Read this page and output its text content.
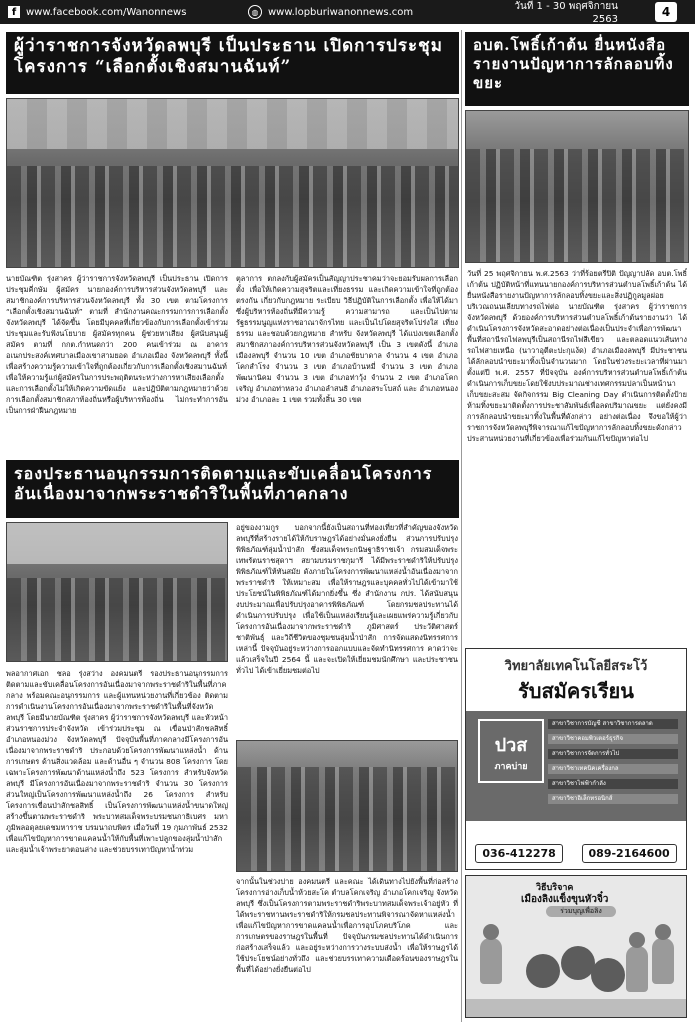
f www.facebook.com/Wanonnews	◍ www.lopburiwanonnews.com	วันที่ 1 - 30 พฤศจิกายน 2563
4
ผู้ว่าราชการจังหวัดลพบุรี เป็นประธาน เปิดการประชุม โครงการ “เลือกตั้งเชิงสมานฉันท์”
นายบัณฑิต รุ่งสาคร ผู้ว่าราชการจังหวัดลพบุรี เป็นประธาน เปิดการประชุมคี่กษัม ผู้สมัคร นายกองค์การบริหารส่วนจังหวัดลพบุรี และ สมาชิกองค์การบริหารส่วนจังหวัดลพบุรี ทั้ง 30 เขต ตามโครงการ “เลือกตั้งเชิงสมานฉันท์” ตามที่ สำนักงานคณะกรรมการการเลือกตั้งจังหวัดลพบุรี ได้จัดขึ้น โดยมีบุคคลที่เกี่ยวข้องกับการเลือกตั้งเข้าร่วมประชุมและรับฟังนโยบาย ผู้สมัครทุกคน ผู้ช่วยหาเสียง ผู้สนับสนุนผู้สมัคร ตามที่ กกต.กำหนดกว่า 200 คนเข้าร่วม ณ อาคารอเนกประสงค์เทศบาลเมืองเขาสามยอด อำเภอเมือง จังหวัดลพบุรี ทั้งนี้ เพื่อสร้างความรู้ความเข้าใจที่ถูกต้องเกี่ยวกับการเลือกตั้งเชิงสมานฉันท์ เพื่อให้ความรู้แก่ผู้สมัครในการประพฤติตนระหว่างการหาเสียงเลือกตั้งและการเลือกตั้งไม่ให้เกิดความขัดแย้ง และปฏิบัติตามกฎหมายว่าด้วยการเลือกตั้งสมาชิกสภาท้องถิ่นหรือผู้บริหารท้องถิ่น ไม่กระทำการอันเป็นการฝ่าฝืนกฎหมาย
ตุลาการ ตกลงกับผู้สมัครเป็นสัญญาประชาคมว่าจะยอมรับผลการเลือกตั้ง เพื่อให้เกิดความสุจริตและเที่ยงธรรม และเกิดความเข้าใจที่ถูกต้องตรงกัน เกี่ยวกับกฎหมาย ระเบียบ วิธีปฏิบัติในการเลือกตั้ง เพื่อให้ได้มาซึ่งผู้บริหารท้องถิ่นที่มีความรู้ ความสามารถ และเป็นไปตามรัฐธรรมนูญแห่งราชอาณาจักรไทย และเป็นไปโดยสุจริตโปร่งใส เที่ยงธรรม และชอบด้วยกฎหมาย สำหรับ จังหวัดลพบุรี ได้แบ่งเขตเลือกตั้งสมาชิกสภาองค์การบริหารส่วนจังหวัดลพบุรี เป็น 3 เขตดังนี้ อำเภอเมืองลพบุรี จำนวน 10 เขต อำเภอชัยบาดาล จำนวน 4 เขต อำเภอโคกสำโรง จำนวน 3 เขต อำเภอบ้านหมี่ จำนวน 3 เขต อำเภอพัฒนานิคม จำนวน 3 เขต อำเภอท่าวุ้ง จำนวน 2 เขต อำเภอโคกเจริญ อำเภอท่าหลวง อำเภอลำสนธิ อำเภอสระโบสถ์ และ อำเภอหนองม่วง อำเภอละ 1 เขต รวมทั้งสิ้น 30 เขต
อบต.โพธิ์เก้าต้น ยื่นหนังสือรายงานปัญหาการลักลอบทิ้งขยะ
วันที่ 25 พฤศจิกายน พ.ศ.2563 ว่าที่ร้อยตรีปิติ ปัญญาปลัด อบต.โพธิ์เก้าต้น ปฏิบัติหน้าที่แทนนายกองค์การบริหารส่วนตำบลโพธิ์เก้าต้น ได้ยื่นหนังสือรายงานปัญหาการลักลอบทิ้งขยะและสิ่งปฏิกูลมูลฝอย บริเวณถนนเลียบทางรถไฟต่อ นายบัณฑิต รุ่งสาคร ผู้ว่าราชการจังหวัดลพบุรี ด้วยองค์การบริหารส่วนตำบลโพธิ์เก้าต้นรายงานว่า ได้ดำเนินโครงการจังหวัดสะอาดอย่างต่อเนื่องเป็นประจำเพื่อการพัฒนาพื้นที่สถานีรถไฟลพบุรีเป็นสถานีรถไฟสีเขียว และตลอดแนวเส้นทางรถไฟสายเหนือ (นาวาอุตีตะปะกุแง้ด) อำเภอเมืองลพบุรี มีประชาชนได้ลักลอบนำขยะมาทิ้งเป็นจำนวนมาก โดยในช่วงระยะเวลาที่ผ่านมาตั้งแต่ปี พ.ศ. 2557 ที่ปัจจุบัน องค์การบริหารส่วนตำบลโพธิ์เก้าต้นดำเนินการเก็บขยะโดยใช้งบประมาณช่างเทศกรรมปลาเป็นหน้านาเก็บขยะสะสม จัดกิจกรรม Big Cleaning Day ดำเนินการติดตั้งป้ายห้ามทิ้งขยะมาติดตั้งการประชาสัมพันธ์เพื่อลดปริมาณขยะ แต่ยังคงมีการลักลอบนำขยะมาทิ้งในพื้นที่ดังกล่าว อย่างต่อเนื่อง จึงขอให้ผู้ว่าราชการจังหวัดลพบุรีพิจารณาแก้ไขปัญหาการลักลอบทิ้งขยะดังกล่าว ประสานหน่วยงานที่เกี่ยวข้องเพื่อร่วมกันแก้ไขปัญหาต่อไป
รองประธานอนุกรรมการติดตามและขับเคลื่อนโครงการอันเนื่องมาจากพระราชดำริในพื้นที่ภาคกลาง
พลอากาศเอก ชลอ รุ่งสว่าง องคมนตรี รองประธานอนุกรรมการติดตามและขับเคลื่อนโครงการอันเนื่องมาจากพระราชดำริในพื้นที่ภาคกลาง พร้อมคณะอนุกรรมการ และผู้แทนหน่วยงานที่เกี่ยวข้อง ติดตามการดำเนินงานโครงการอันเนื่องมาจากพระราชดำริในพื้นที่จังหวัดลพบุรี โดยมีนายบัณฑิต รุ่งสาคร ผู้ว่าราชการจังหวัดลพบุรี และหัวหน้าส่วนราชการประจำจังหวัด เข้าร่วมประชุม ณ เขื่อนป่าสักชลสิทธิ์ อำเภอหนองม่วง จังหวัดลพบุรี ปัจจุบันพื้นที่ภาคกลางมีโครงการอันเนื่องมาจากพระราชดำริ ประกอบด้วยโครงการพัฒนาแหล่งน้ำ ด้านการเกษตร ด้านสิ่งแวดล้อม และด้านอื่น ๆ จำนวน 808 โครงการ โดยเฉพาะโครงการพัฒนาด้านแหล่งน้ำถึง 523 โครงการ สำหรับจังหวัดลพบุรี มีโครงการอันเนื่องมาจากพระราชดำริ จำนวน 30 โครงการ ส่วนใหญ่เป็นโครงการพัฒนาแหล่งน้ำถึง 26 โครงการ สำหรับโครงการเขื่อนป่าสักชลสิทธิ์ เป็นโครงการพัฒนาแหล่งน้ำขนาดใหญ่ สร้างขึ้นตามพระราชดำริ พระบาทสมเด็จพระบรมชนกาธิเบศร มหาภูมิพลอดุลยเดชมหาราช บรมนาถบพิตร เมื่อวันที่ 19 กุมภาพันธ์ 2532 เพื่อแก้ไขปัญหาการขาดแคลนน้ำให้กับพื้นที่เพาะปลูกของลุ่มน้ำป่าสัก และลุ่มน้ำเจ้าพระยาตอนล่าง และช่วยบรรเทาปัญหาน้ำท่วม
อยู่ของงามกูร บอกจากนี้ยังเป็นสถานที่ท่องเที่ยวที่สำคัญของจังหวัดลพบุรีที่สร้างรายได้ให้กับราษฎรได้อย่างมั่นคงยั่งยืน ส่วนการปรับปรุงพิพิธภัณฑ์ลุ่มน้ำป่าสัก ซึ่งสมเด็จพระกนิษฐาธิราชเจ้า กรมสมเด็จพระเทพรัตนราชสุดาฯ สยามบรมราชกุมารี ได้มีพระราชดำริให้ปรับปรุงพิพิธภัณฑ์ให้ทันสมัย ดังภายในโครงการพัฒนาแหล่งน้ำอันเนื่องมาจากพระราชดำริ ให้เหมาะสม เพื่อให้ราษฎรและบุคคลทั่วไปได้เข้ามาใช้ประโยชน์ในพิพิธภัณฑ์ได้มากยิ่งขึ้น ซึ่ง สำนักงาน กปร. ได้สนับสนุนงบประมาณเพื่อปรับปรุงอาคารพิพิธภัณฑ์ โดยกรมชลประทานได้ดำเนินการปรับปรุง เพื่อใช้เป็นแหล่งเรียนรู้และเผยแพร่ความรู้เกี่ยวกับโครงการอันเนื่องมาจากพระราชดำริ ภูมิศาสตร์ ประวัติศาสตร์ ชาติพันธุ์ และวิถีชีวิตของชุมชนลุ่มน้ำป่าสัก การจัดแสดงนิทรรศการเหล่านี้ ปัจจุบันอยู่ระหว่างการออกแบบและจัดทำนิทรรศการ คาดว่าจะแล้วเสร็จในปี 2564 นี้ และจะเปิดให้เยี่ยมชมนักศึกษา และประชาชนทั่วไป ได้เข้าเยี่ยมชมต่อไป
จากนั้นในช่วงบ่าย องคมนตรี และคณะ ได้เดินทางไปยังพื้นที่ก่อสร้างโครงการอ่างเก็บน้ำห้วยสะโค ตำบลโคกเจริญ อำเภอโคกเจริญ จังหวัดลพบุรี ซึ่งเป็นโครงการตามพระราชดำริพระบาทสมเด็จพระเจ้าอยู่หัว ที่ได้พระราชทานพระราชดำริให้กรมชลประทานพิจารณาจัดหาแหล่งน้ำ เพื่อแก้ไขปัญหาการขาดแคลนน้ำเพื่อการอุปโภคบริโภค และการเกษตรของราษฎรในพื้นที่ ปัจจุบันกรมชลประทานได้ดำเนินการก่อสร้างเสร็จแล้ว และอยู่ระหว่างการวางระบบส่งน้ำ เพื่อให้ราษฎรได้ใช้ประโยชน์อย่างทั่วถึง และช่วยบรรเทาความเดือดร้อนของราษฎรในพื้นที่ได้อย่างยั่งยืนต่อไป
วิทยาลัยเทคโนโลยีสระโว้
รับสมัครเรียน
ปวส
ภาคบ่าย
สาขาวิชาการบัญชี สาขาวิชาการตลาด
สาขาวิชาคอมพิวเตอร์ธุรกิจ
สาขาวิชาการจัดการทั่วไป
สาขาวิชาเทคนิคเครื่องกล
สาขาวิชาไฟฟ้ากำลัง
สาขาวิชาอิเล็กทรอนิกส์
036-412278	089-2164600
วิธีบริจาค
เมืองลิงแข็งขุนหัวจิ๋ว
ร่วมบุญเพื่อลิง
